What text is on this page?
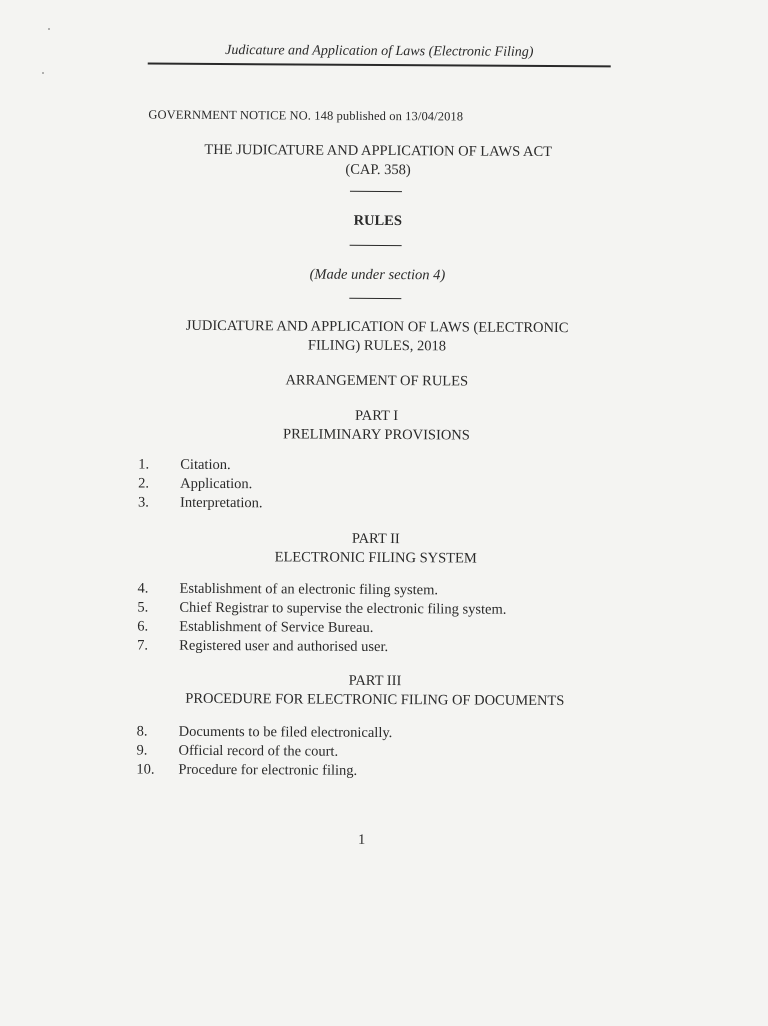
Judicature and Application of Laws (Electronic Filing)
GOVERNMENT NOTICE NO. 148 published on 13/04/2018
THE JUDICATURE AND APPLICATION OF LAWS ACT
(CAP. 358)
RULES
(Made under section 4)
JUDICATURE AND APPLICATION OF LAWS (ELECTRONIC
FILING) RULES, 2018
ARRANGEMENT OF RULES
PART I
PRELIMINARY PROVISIONS
1. Citation.
2. Application.
3. Interpretation.
PART II
ELECTRONIC FILING SYSTEM
4. Establishment of an electronic filing system.
5. Chief Registrar to supervise the electronic filing system.
6. Establishment of Service Bureau.
7. Registered user and authorised user.
PART III
PROCEDURE FOR ELECTRONIC FILING OF DOCUMENTS
8. Documents to be filed electronically.
9. Official record of the court.
10. Procedure for electronic filing.
1
